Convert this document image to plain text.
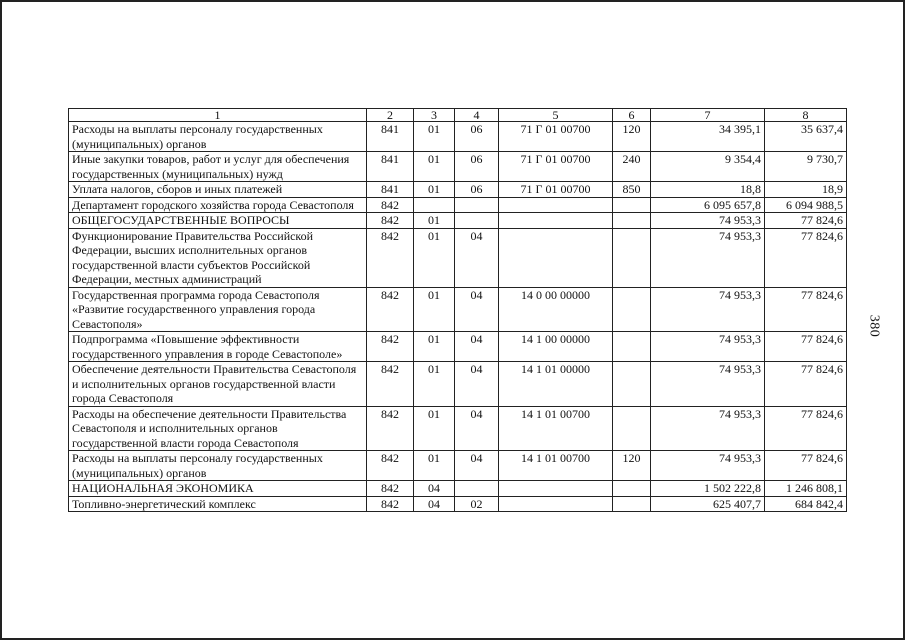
380
1	2	3	4	5	6	7	8
Расходы на выплаты персоналу государственных (муниципальных) органов	841	01	06	71 Г 01 00700	120	34 395,1	35 637,4
Иные закупки товаров, работ и услуг для обеспечения государственных (муниципальных) нужд	841	01	06	71 Г 01 00700	240	9 354,4	9 730,7
Уплата налогов, сборов и иных платежей	841	01	06	71 Г 01 00700	850	18,8	18,9
Департамент городского хозяйства города Севастополя	842					6 095 657,8	6 094 988,5
ОБЩЕГОСУДАРСТВЕННЫЕ ВОПРОСЫ	842	01				74 953,3	77 824,6
Функционирование Правительства Российской Федерации, высших исполнительных органов государственной власти субъектов Российской Федерации, местных администраций	842	01	04			74 953,3	77 824,6
Государственная программа города Севастополя «Развитие государственного управления города Севастополя»	842	01	04	14 0 00 00000		74 953,3	77 824,6
Подпрограмма «Повышение эффективности государственного управления в городе Севастополе»	842	01	04	14 1 00 00000		74 953,3	77 824,6
Обеспечение деятельности Правительства Севастополя и исполнительных органов государственной власти города Севастополя	842	01	04	14 1 01 00000		74 953,3	77 824,6
Расходы на обеспечение деятельности Правительства Севастополя и исполнительных органов государственной власти города Севастополя	842	01	04	14 1 01 00700		74 953,3	77 824,6
Расходы на выплаты персоналу государственных (муниципальных) органов	842	01	04	14 1 01 00700	120	74 953,3	77 824,6
НАЦИОНАЛЬНАЯ ЭКОНОМИКА	842	04				1 502 222,8	1 246 808,1
Топливно-энергетический комплекс	842	04	02			625 407,7	684 842,4
